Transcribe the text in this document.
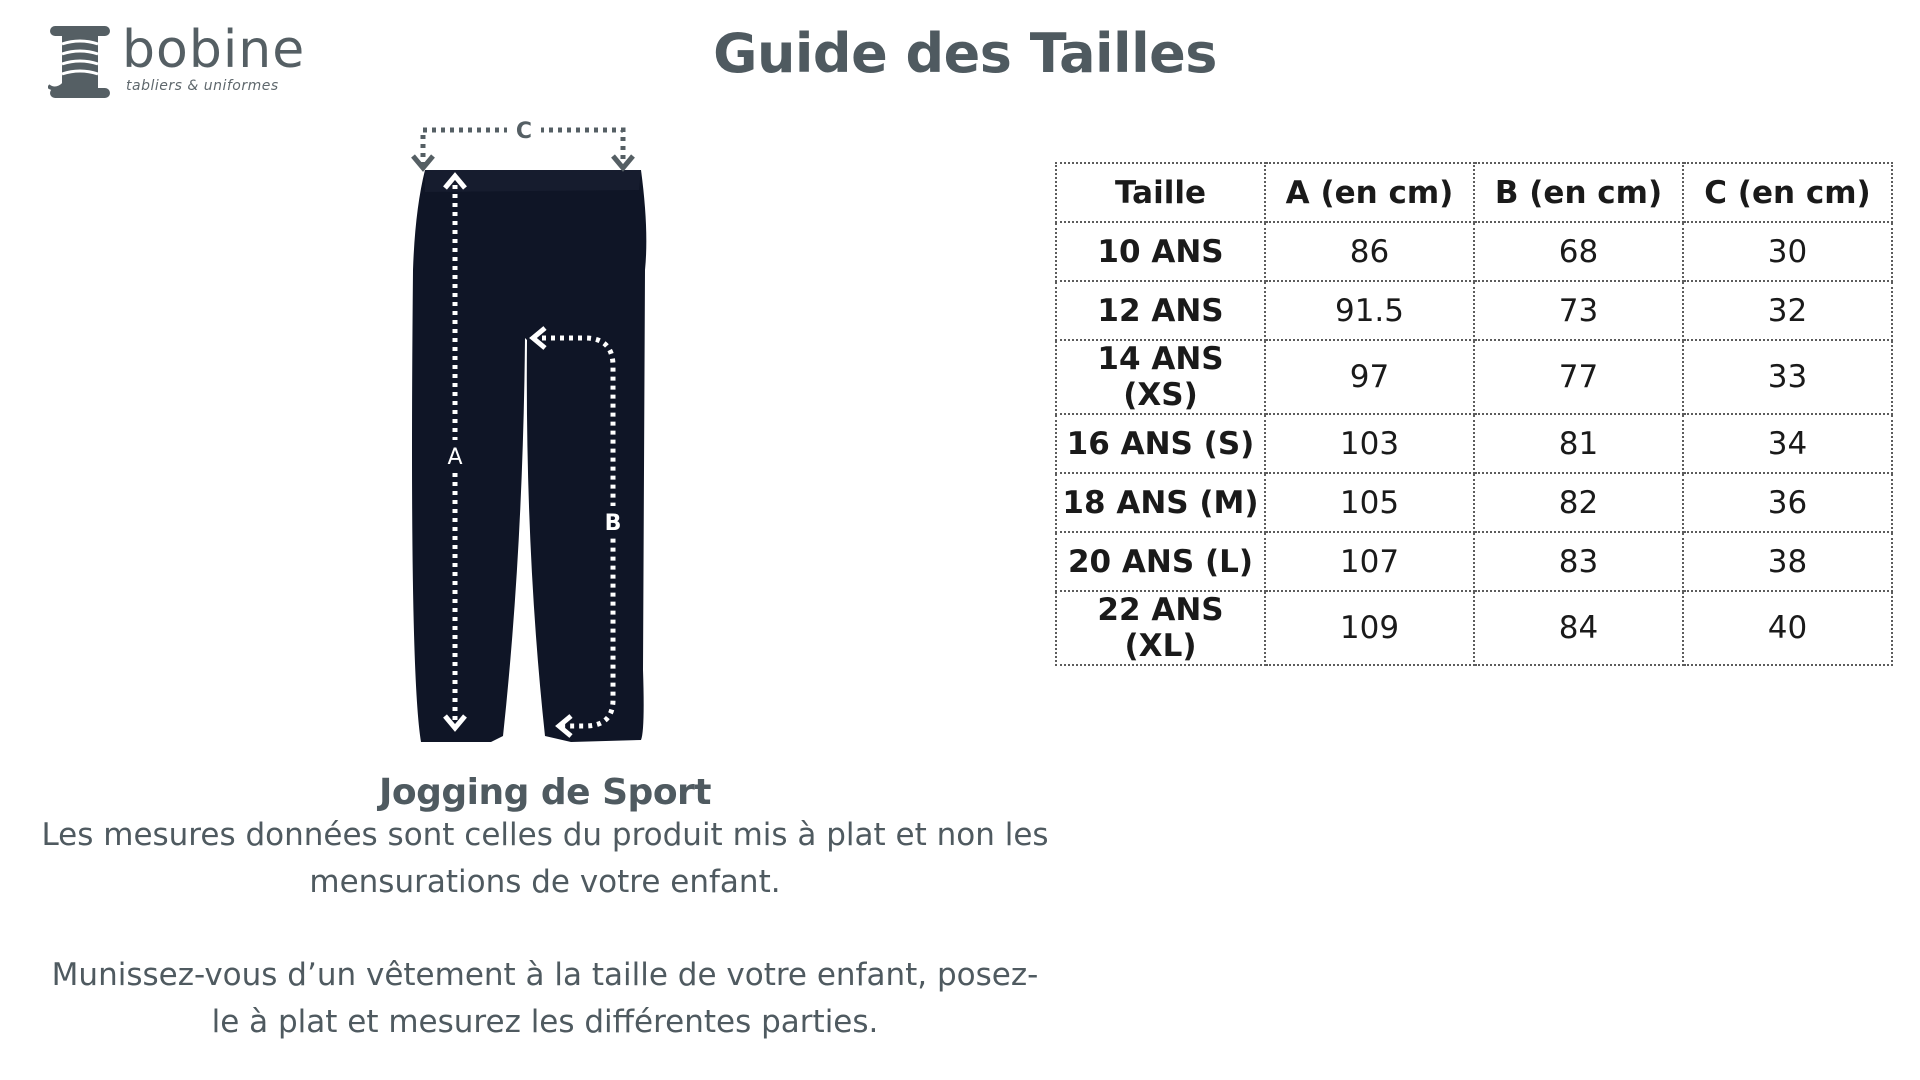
bobine
tabliers & uniformes
Guide des Tailles
C
A
B
Jogging de Sport

Les mesures données sont celles du produit mis à plat et non les mensurations de votre enfant.

Munissez-vous d’un vêtement à la taille de votre enfant, posez-le à plat et mesurez les différentes parties.

Taille	A (en cm)	B (en cm)	C (en cm)
10 ANS	86	68	30
12 ANS	91.5	73	32
14 ANS (XS)	97	77	33
16 ANS (S)	103	81	34
18 ANS (M)	105	82	36
20 ANS (L)	107	83	38
22 ANS (XL)	109	84	40
